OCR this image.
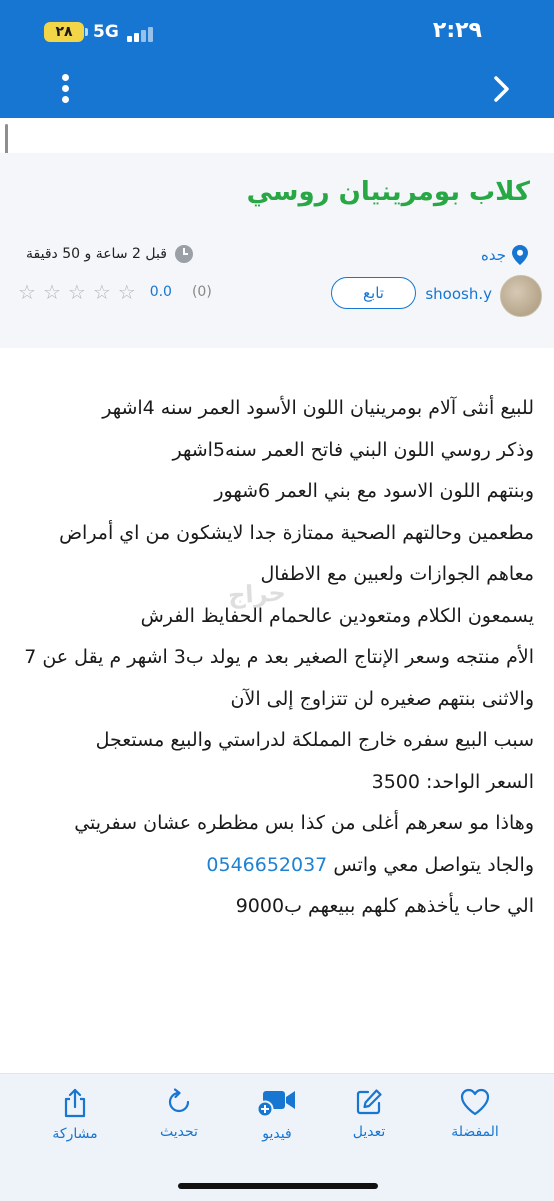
٢:٢٩
٢٨	5G
كلاب بومرينيان روسي
جده
قبل 2 ساعة و 50 دقيقة
shoosh.y
تابع
☆ ☆ ☆ ☆ ☆ 0.0 (0)
للبيع أنثى آلام بومرينيان اللون الأسود العمر سنه 4اشهر
وذكر روسي اللون البني فاتح العمر سنه5اشهر
وبنتهم اللون الاسود مع بني العمر 6شهور
مطعمين وحالتهم الصحية ممتازة جدا لايشكون من اي أمراض
معاهم الجوازات ولعبين مع الاطفال
يسمعون الكلام ومتعودين عالحمام الحفايظ الفرش
الأم منتجه وسعر الإنتاج الصغير بعد م يولد ب3 اشهر م يقل عن 7
والاثنى بنتهم صغيره لن تتزاوج إلى الآن
سبب البيع سفره خارج المملكة لدراستي والبيع مستعجل
السعر الواحد: 3500
وهاذا مو سعرهم أغلى من كذا بس مظطره عشان سفريتي
والجاد يتواصل معي واتس 0546652037
الي حاب يأخذهم كلهم ببيعهم ب9000
حراج
المفضلة
تعديل
فيديو
تحديث
مشاركة
